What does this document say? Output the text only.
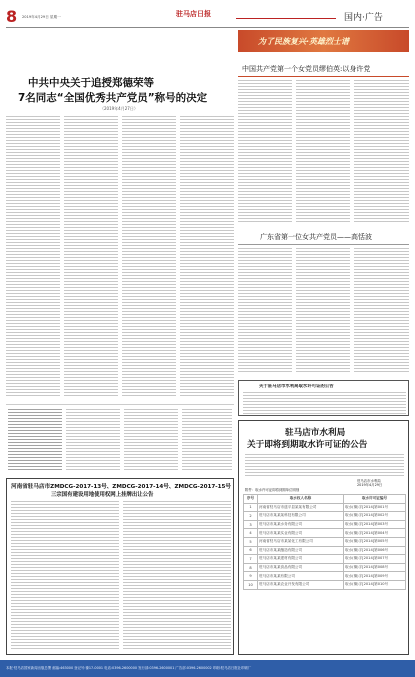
8 2019年4月29日 星期一	驻马店日报	国内·广告
中共中央关于追授郑德荣等
7名同志“全国优秀共产党员”称号的决定
（2019年4月27日）
河南省驻马店市ZMDCG-2017-13号、ZMDCG-2017-14号、ZMDCG-2017-15号
三宗国有建设用地使用权网上挂牌出让公告
为了民族复兴·英雄烈士谱
中国共产党第一个女党员缪伯英:以身许党
广东省第一位女共产党员——高恬波
关于驻马店市水利局取水许可证的公告
驻马店市水利局
关于即将到期取水许可证的公告
驻马店市水利局
2019年4月29日
附件：取水许可证即将到期单位明细
序号	取水权人名称	取水许可证编号
1	河南省驻马店市遂平县某某有限公司	取水(豫)字[2014]第001号
2	驻马店市某某某科技有限公司	取水(豫)字[2014]第002号
3	驻马店市某某水务有限公司	取水(豫)字[2014]第003号
4	驻马店市某某实业有限公司	取水(豫)字[2014]第004号
5	河南省驻马店市某某化工有限公司	取水(豫)字[2014]第005号
6	驻马店市某某酿造有限公司	取水(豫)字[2014]第006号
7	驻马店市某某建材有限公司	取水(豫)字[2014]第007号
8	驻马店市某某食品有限公司	取水(豫)字[2014]第008号
9	驻马店市某某有限公司	取水(豫)字[2014]第009号
10	驻马店市某某农业开发有限公司	取水(豫)字[2014]第010号
本报·驻马店国家新闻出版总署 邮编:463000 登记号:豫17-0001 电话:0396-2600000 发行部:0396-2600001 广告部:0396-2600002 印刷:驻马店日报社印刷厂
